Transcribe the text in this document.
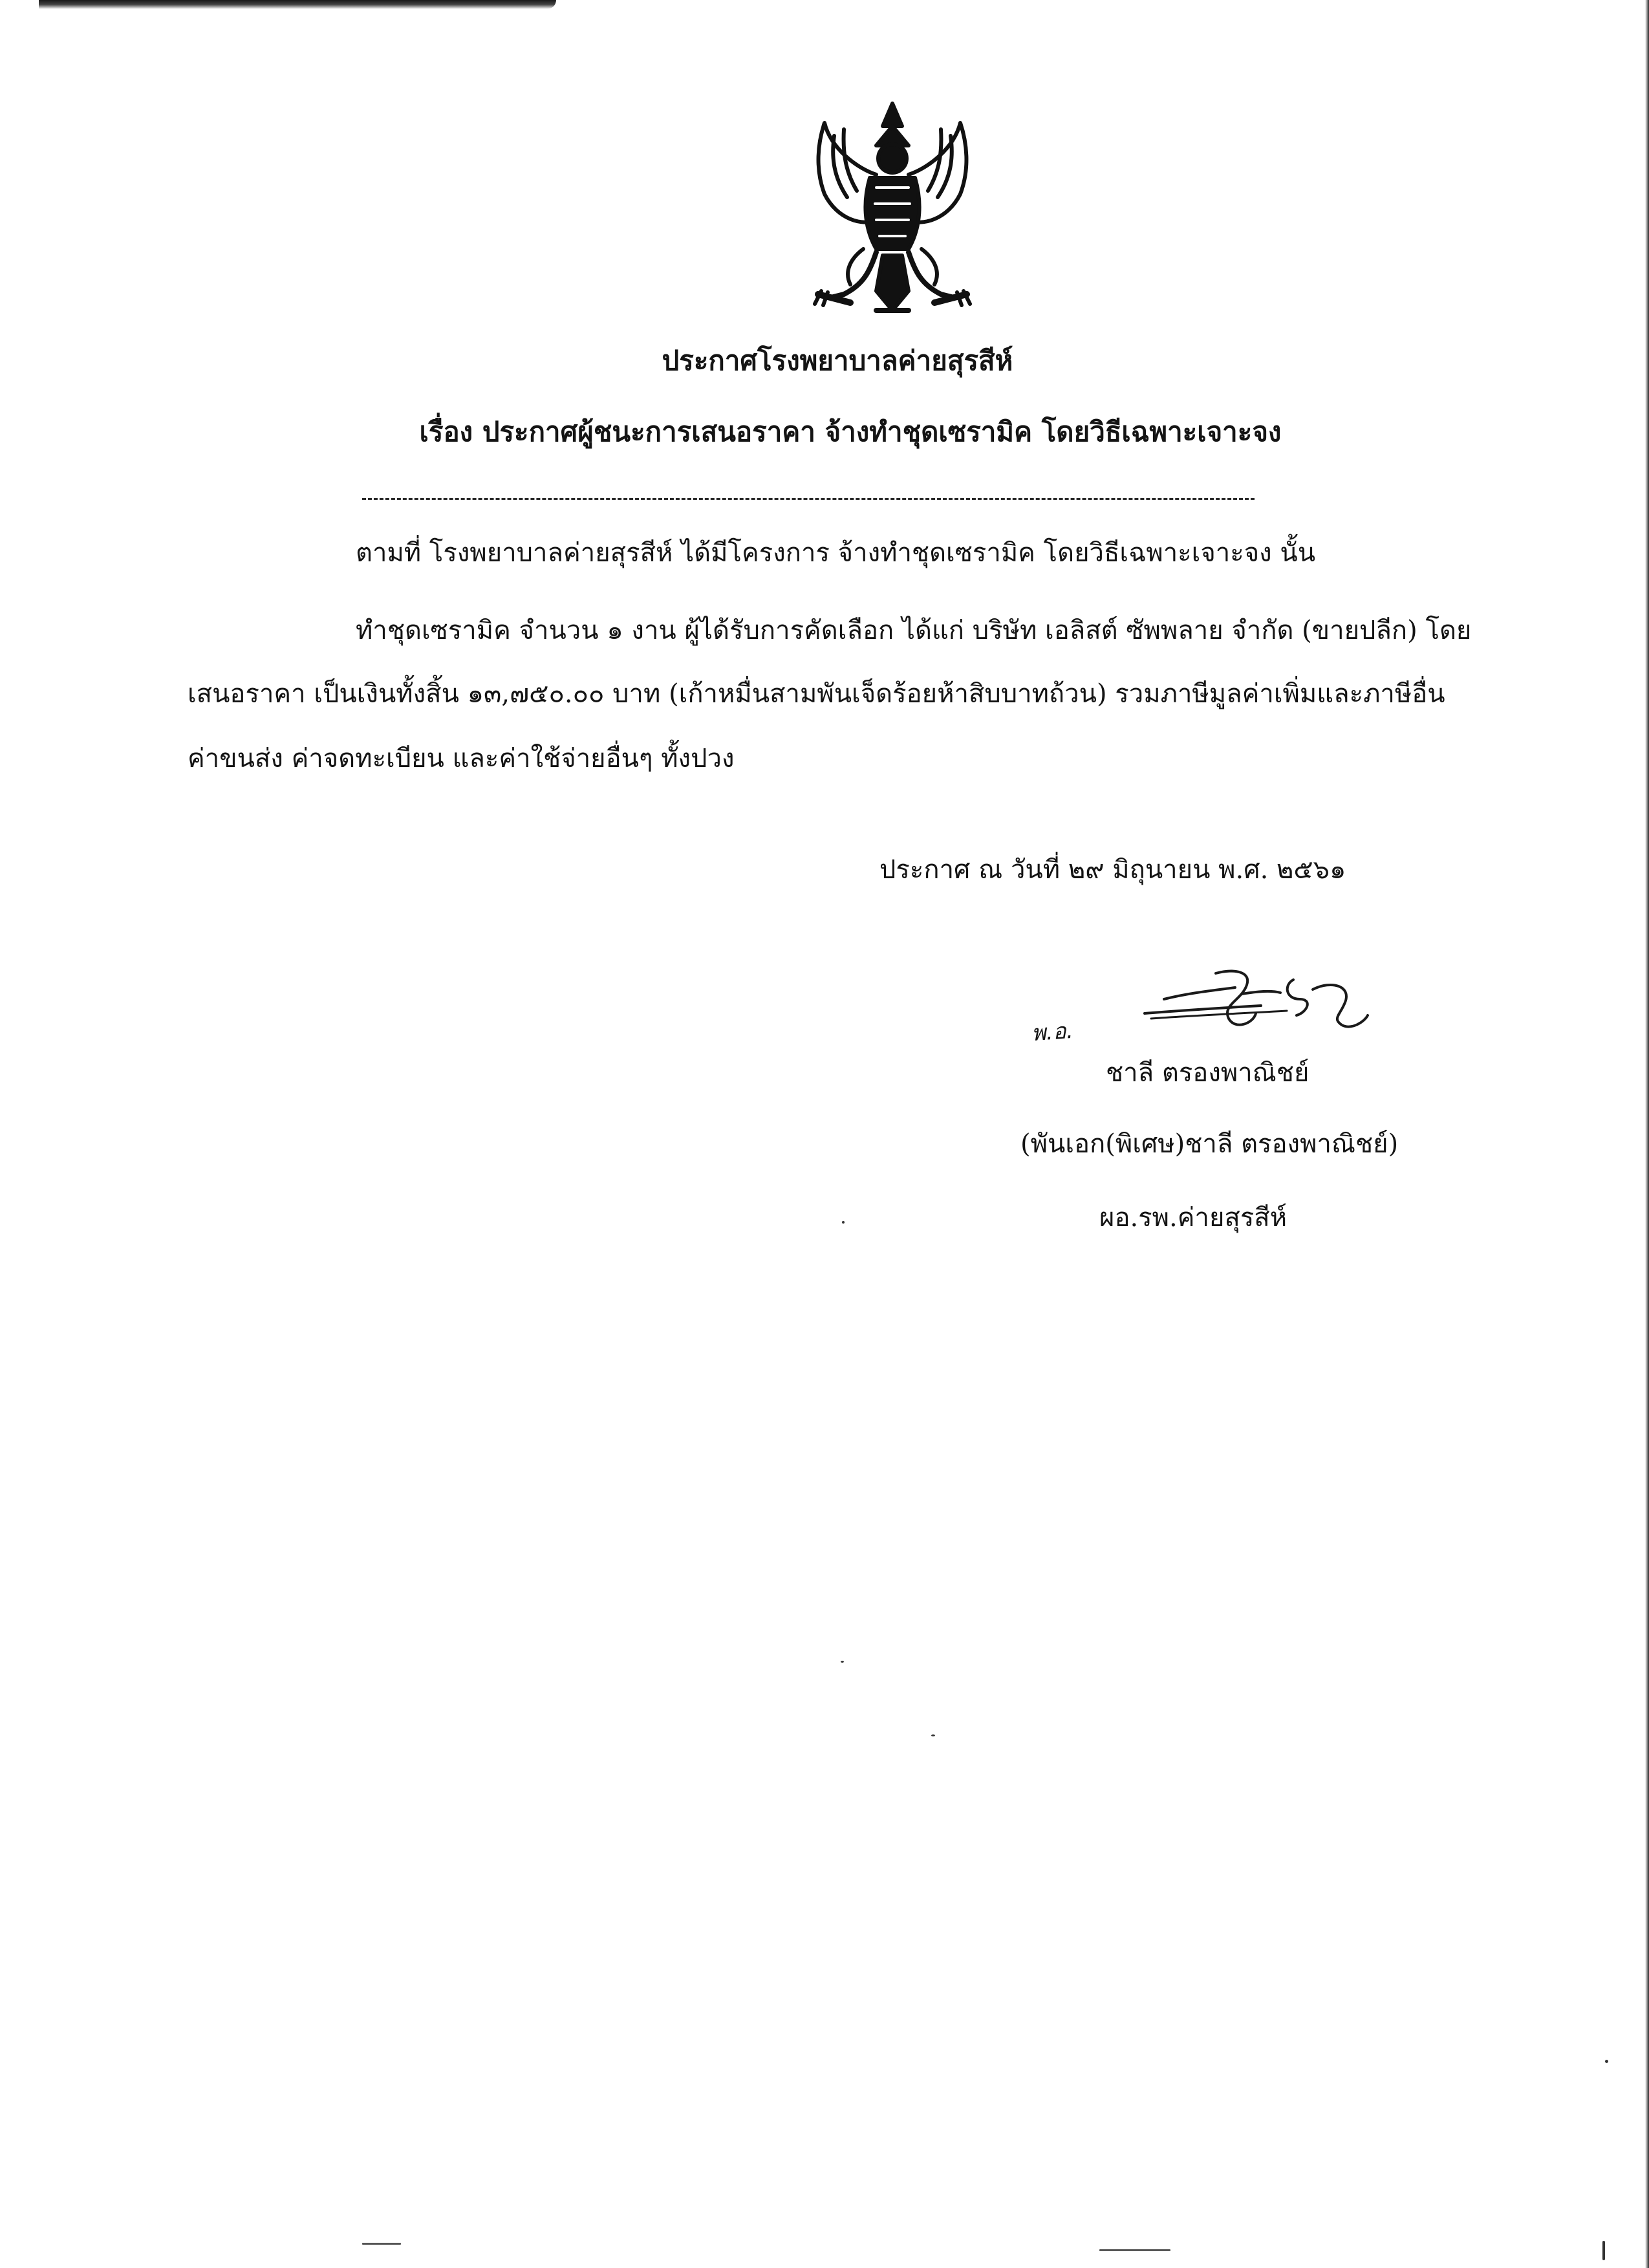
ประกาศโรงพยาบาลค่ายสุรสีห์
เรื่อง ประกาศผู้ชนะการเสนอราคา จ้างทำชุดเซรามิค โดยวิธีเฉพาะเจาะจง
ตามที่ โรงพยาบาลค่ายสุรสีห์ ได้มีโครงการ จ้างทำชุดเซรามิค โดยวิธีเฉพาะเจาะจง นั้น
ทำชุดเซรามิค จำนวน ๑ งาน ผู้ได้รับการคัดเลือก ได้แก่ บริษัท เอลิสต์ ซัพพลาย จำกัด (ขายปลีก) โดย
เสนอราคา เป็นเงินทั้งสิ้น ๑๓,๗๕๐.๐๐ บาท (เก้าหมื่นสามพันเจ็ดร้อยห้าสิบบาทถ้วน) รวมภาษีมูลค่าเพิ่มและภาษีอื่น
ค่าขนส่ง ค่าจดทะเบียน และค่าใช้จ่ายอื่นๆ ทั้งปวง
ประกาศ ณ วันที่ ๒๙ มิถุนายน พ.ศ. ๒๕๖๑
พ.อ.
ชาลี ตรองพาณิชย์
(พันเอก(พิเศษ)ชาลี ตรองพาณิชย์)
ผอ.รพ.ค่ายสุรสีห์
